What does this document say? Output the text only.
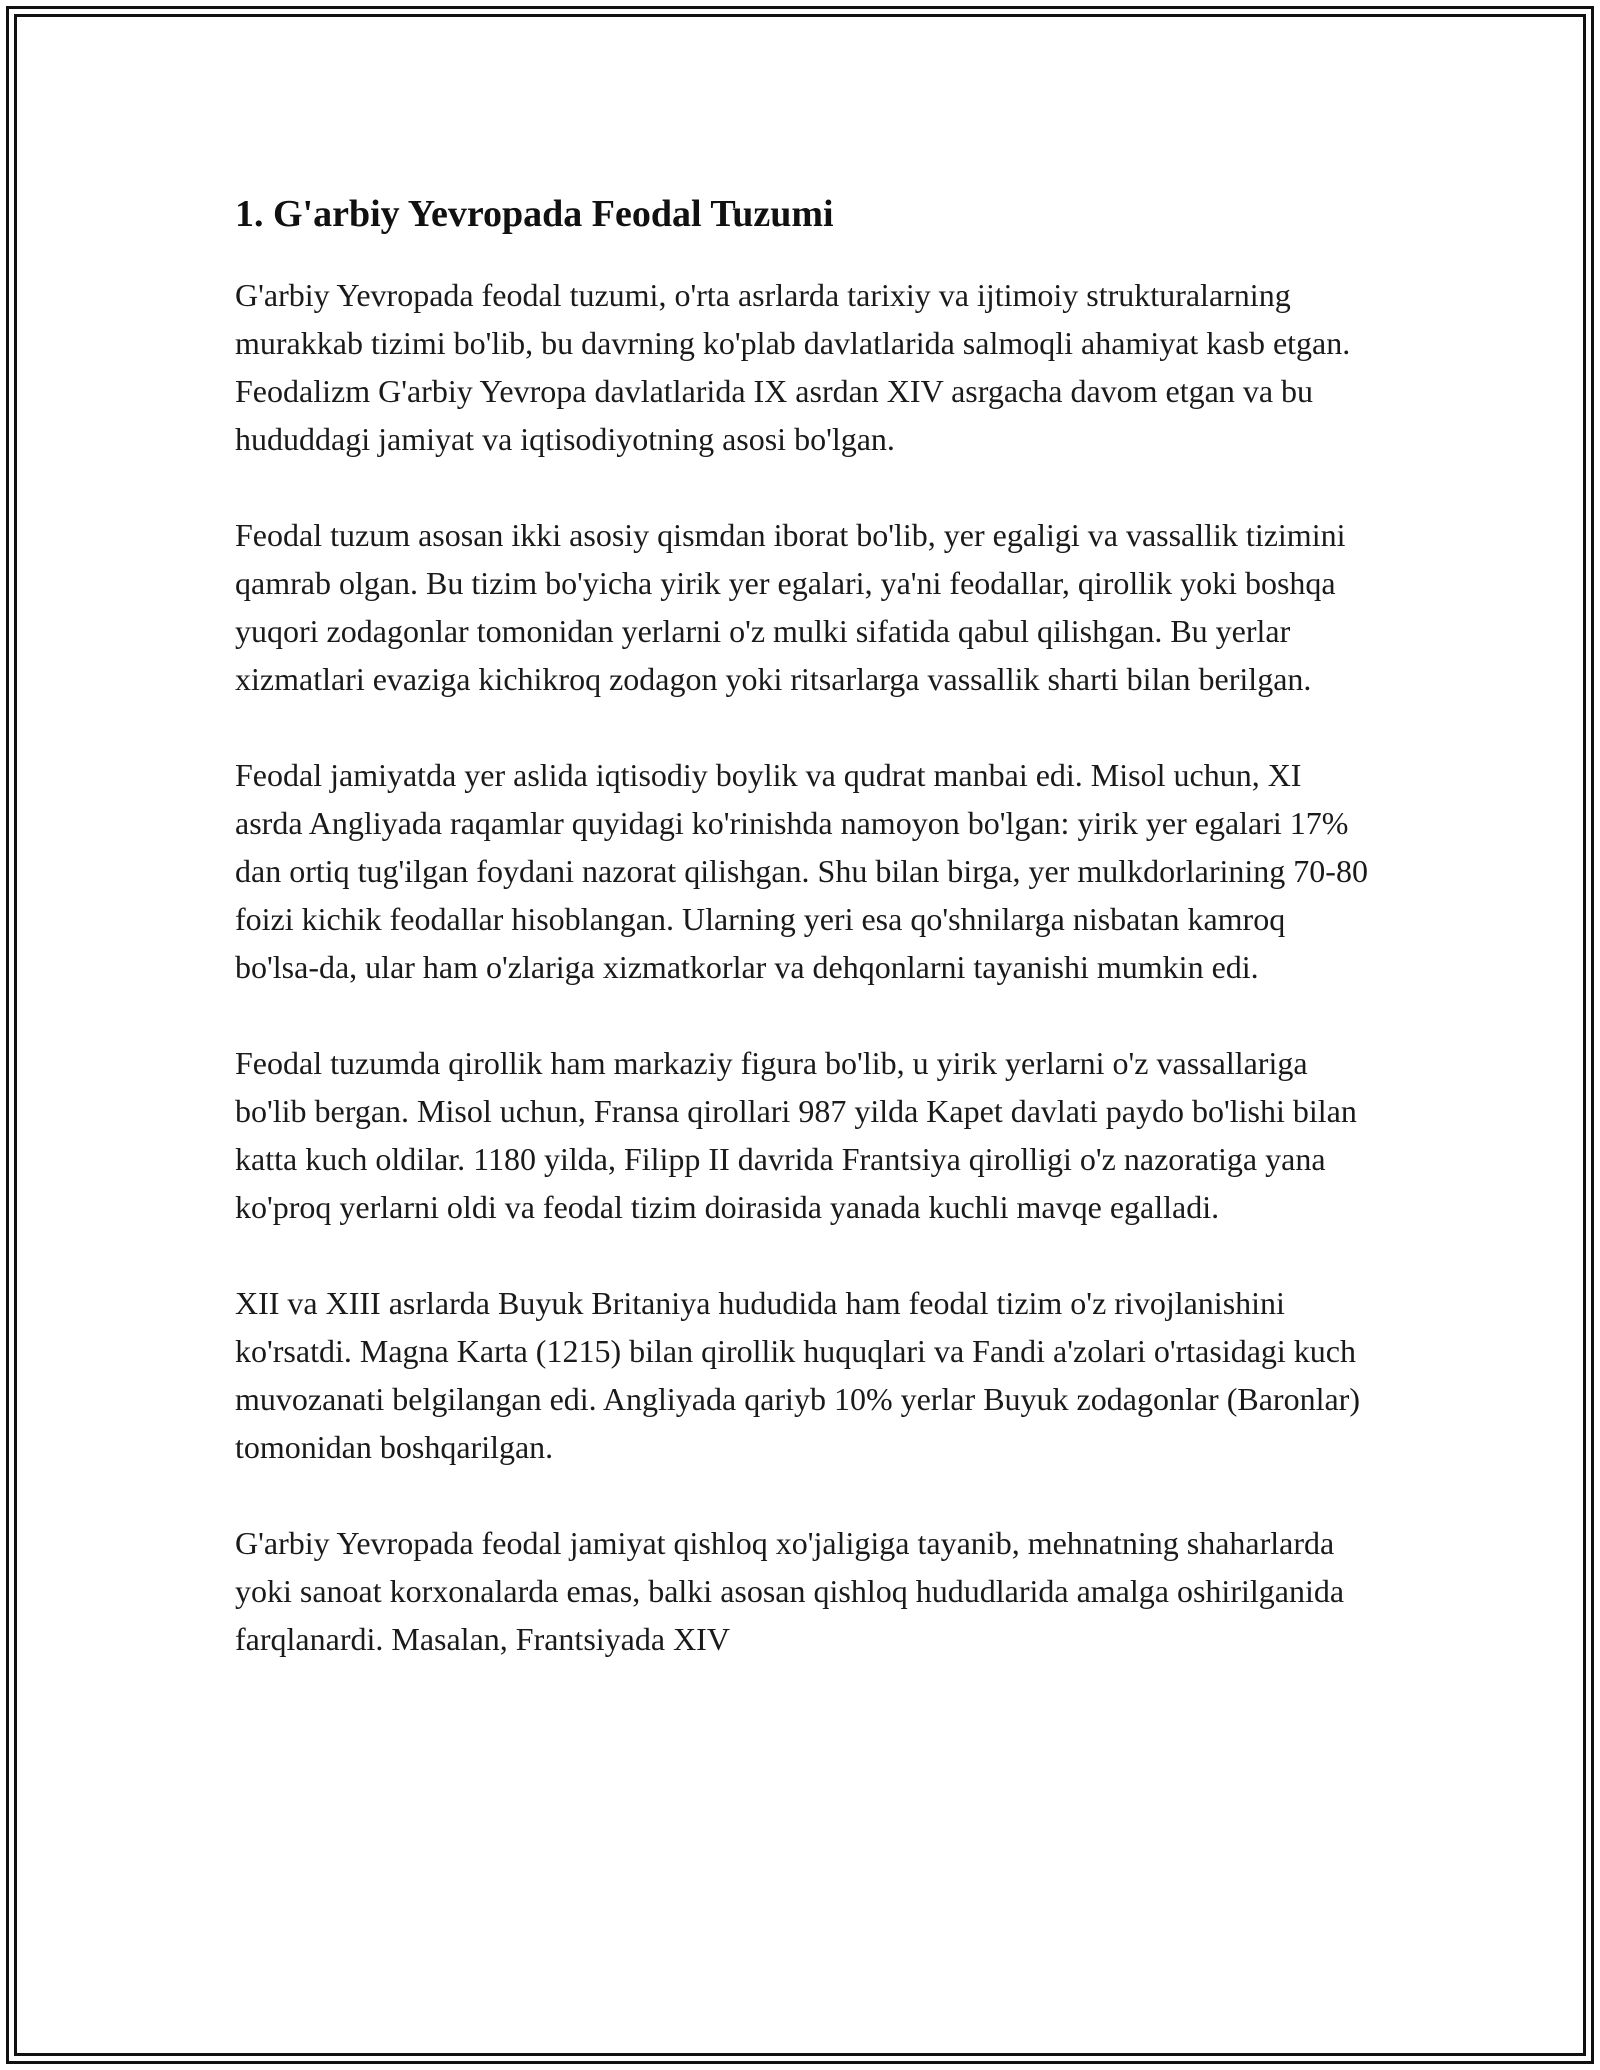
1. G'arbiy Yevropada Feodal Tuzumi

G'arbiy Yevropada feodal tuzumi, o'rta asrlarda tarixiy va ijtimoiy strukturalarning murakkab tizimi bo'lib, bu davrning ko'plab davlatlarida salmoqli ahamiyat kasb etgan. Feodalizm G'arbiy Yevropa davlatlarida IX asrdan XIV asrgacha davom etgan va bu hududdagi jamiyat va iqtisodiyotning asosi bo'lgan.

Feodal tuzum asosan ikki asosiy qismdan iborat bo'lib, yer egaligi va vassallik tizimini qamrab olgan. Bu tizim bo'yicha yirik yer egalari, ya'ni feodallar, qirollik yoki boshqa yuqori zodagonlar tomonidan yerlarni o'z mulki sifatida qabul qilishgan. Bu yerlar xizmatlari evaziga kichikroq zodagon yoki ritsarlarga vassallik sharti bilan berilgan.

Feodal jamiyatda yer aslida iqtisodiy boylik va qudrat manbai edi. Misol uchun, XI asrda Angliyada raqamlar quyidagi ko'rinishda namoyon bo'lgan: yirik yer egalari 17% dan ortiq tug'ilgan foydani nazorat qilishgan. Shu bilan birga, yer mulkdorlarining 70-80 foizi kichik feodallar hisoblangan. Ularning yeri esa qo'shnilarga nisbatan kamroq bo'lsa-da, ular ham o'zlariga xizmatkorlar va dehqonlarni tayanishi mumkin edi.

Feodal tuzumda qirollik ham markaziy figura bo'lib, u yirik yerlarni o'z vassallariga bo'lib bergan. Misol uchun, Fransa qirollari 987 yilda Kapet davlati paydo bo'lishi bilan katta kuch oldilar. 1180 yilda, Filipp II davrida Frantsiya qirolligi o'z nazoratiga yana ko'proq yerlarni oldi va feodal tizim doirasida yanada kuchli mavqe egalladi.

XII va XIII asrlarda Buyuk Britaniya hududida ham feodal tizim o'z rivojlanishini ko'rsatdi. Magna Karta (1215) bilan qirollik huquqlari va Fandi a'zolari o'rtasidagi kuch muvozanati belgilangan edi. Angliyada qariyb 10% yerlar Buyuk zodagonlar (Baronlar) tomonidan boshqarilgan.

G'arbiy Yevropada feodal jamiyat qishloq xo'jaligiga tayanib, mehnatning shaharlarda yoki sanoat korxonalarda emas, balki asosan qishloq hududlarida amalga oshirilganida farqlanardi. Masalan, Frantsiyada XIV
